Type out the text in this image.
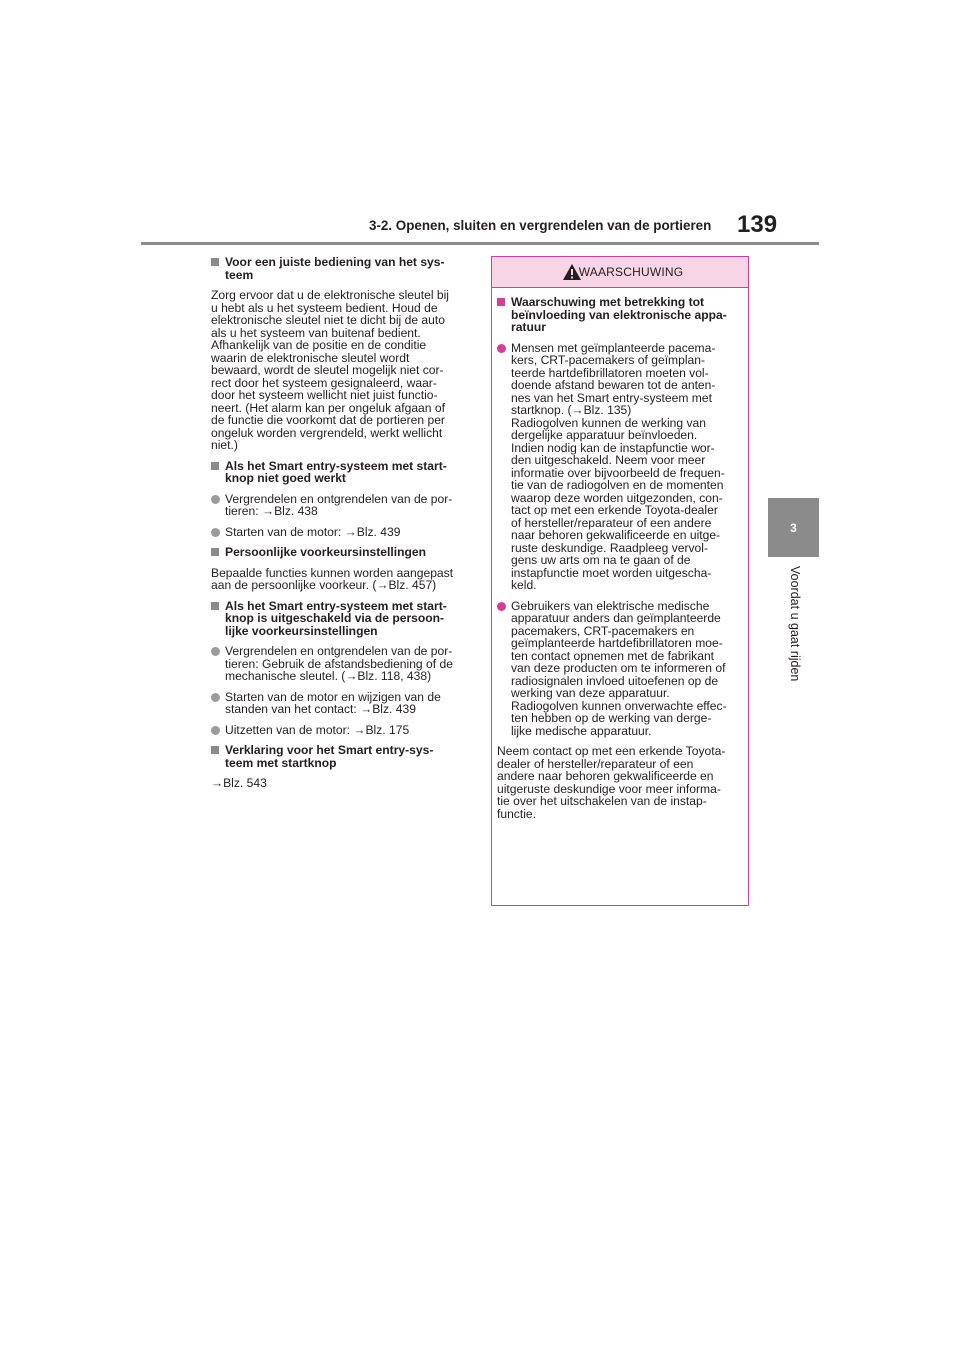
3-2. Openen, sluiten en vergrendelen van de portieren 139
3
Voordat u gaat rijden
Voor een juiste bediening van het sys-
teem

Zorg ervoor dat u de elektronische sleutel bij
u hebt als u het systeem bedient. Houd de
elektronische sleutel niet te dicht bij de auto
als u het systeem van buitenaf bedient.
Afhankelijk van de positie en de conditie
waarin de elektronische sleutel wordt
bewaard, wordt de sleutel mogelijk niet cor-
rect door het systeem gesignaleerd, waar-
door het systeem wellicht niet juist functio-
neert. (Het alarm kan per ongeluk afgaan of
de functie die voorkomt dat de portieren per
ongeluk worden vergrendeld, werkt wellicht
niet.)

Als het Smart entry-systeem met start-
knop niet goed werkt
Vergrendelen en ontgrendelen van de por-
tieren: →Blz. 438
Starten van de motor: →Blz. 439
Persoonlijke voorkeursinstellingen

Bepaalde functies kunnen worden aangepast
aan de persoonlijke voorkeur. (→Blz. 457)

Als het Smart entry-systeem met start-
knop is uitgeschakeld via de persoon-
lijke voorkeursinstellingen
Vergrendelen en ontgrendelen van de por-
tieren: Gebruik de afstandsbediening of de
mechanische sleutel. (→Blz. 118, 438)
Starten van de motor en wijzigen van de
standen van het contact: →Blz. 439
Uitzetten van de motor: →Blz. 175
Verklaring voor het Smart entry-sys-
teem met startknop

→Blz. 543

WAARSCHUWING
Waarschuwing met betrekking tot
beïnvloeding van elektronische appa-
ratuur
Mensen met geïmplanteerde pacema-
kers, CRT-pacemakers of geïmplan-
teerde hartdefibrillatoren moeten vol-
doende afstand bewaren tot de anten-
nes van het Smart entry-systeem met
startknop. (→Blz. 135)
Radiogolven kunnen de werking van
dergelijke apparatuur beïnvloeden.
Indien nodig kan de instapfunctie wor-
den uitgeschakeld. Neem voor meer
informatie over bijvoorbeeld de frequen-
tie van de radiogolven en de momenten
waarop deze worden uitgezonden, con-
tact op met een erkende Toyota-dealer
of hersteller/reparateur of een andere
naar behoren gekwalificeerde en uitge-
ruste deskundige. Raadpleeg vervol-
gens uw arts om na te gaan of de
instapfunctie moet worden uitgescha-
keld.
Gebruikers van elektrische medische
apparatuur anders dan geïmplanteerde
pacemakers, CRT-pacemakers en
geïmplanteerde hartdefibrillatoren moe-
ten contact opnemen met de fabrikant
van deze producten om te informeren of
radiosignalen invloed uitoefenen op de
werking van deze apparatuur.
Radiogolven kunnen onverwachte effec-
ten hebben op de werking van derge-
lijke medische apparatuur.

Neem contact op met een erkende Toyota-
dealer of hersteller/reparateur of een
andere naar behoren gekwalificeerde en
uitgeruste deskundige voor meer informa-
tie over het uitschakelen van de instap-
functie.
